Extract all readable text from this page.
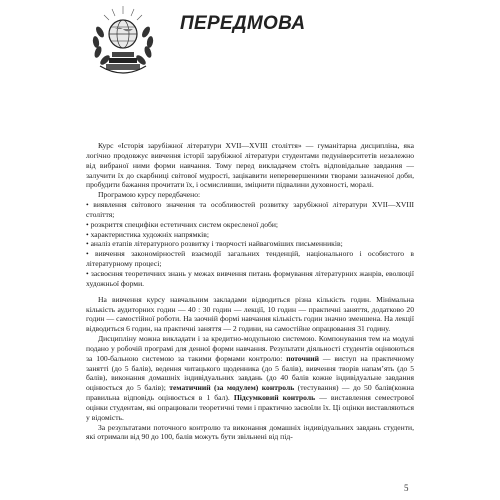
ПЕРЕДМОВА

Курс «Історія зарубіжної літератури XVII—XVIII століття» — гуманітарна дисципліна, яка логічно продовжує вивчення історії зарубіжної літератури студентами педуніверситетів незалежно від вибраної ними форми навчання. Тому перед викладачем стоїть відповідальне завдання — залучити їх до скарбниці світової мудрості, зацікавити неперевершеними творами зазначеної доби, пробудити бажання прочитати їх, і осмисливши, зміцнити підвалини духовності, моралі.

Програмою курсу передбачено:

• виявлення світового значення та особливостей розвитку зарубіжної літератури XVII—XVIII століття;
• розкриття специфіки естетичних систем окресленої доби;
• характеристика художніх напрямків;
• аналіз етапів літературного розвитку і творчості найвагоміших письменників;
• вивчення закономірностей взаємодії загальних тенденцій, національного і особистого в літературному процесі;
• засвоєння теоретичних знань у межах вивчення питань формування літературних жанрів, еволюції художньої форми.

На вивчення курсу навчальним закладами відводиться різна кількість годин. Мінімальна кількість аудиторних годин — 40 : 30 годин — лекції, 10 годин — практичні заняття, додатково 20 годин — самостійної роботи. На заочній формі навчання кількість годин значно зменшена. На лекції відводиться 6 годин, на практичні заняття — 2 години, на самостійне опрацювання 31 годину.

Дисципліну можна викладати і за кредитно-модульною системою. Компонування тем на модулі подано у робочій програмі для денної форми навчання. Результати діяльності студентів оцінюються за 100-бальною системою за такими формами контролю: поточний — виступ на практичному занятті (до 5 балів), ведення читацького щоденника (до 5 балів), вивчення творів напам’ять (до 5 балів), виконання домашніх індивідуальних завдань (до 40 балів кожне індивідуальне завдання оцінюється до 5 балів); тематичний (за модулем) контроль (тестування) — до 50 балів(кожна правильна відповідь оцінюється в 1 бал). Підсумковий контроль — виставлення семестрової оцінки студентам, які опрацювали теоретичні теми і практично засвоїли їх. Ці оцінки виставляються у відомість.

За результатами поточного контролю та виконання домашніх індивідуальних завдань студенти, які отримали від 90 до 100, балів можуть бути звільнені від під-

5
